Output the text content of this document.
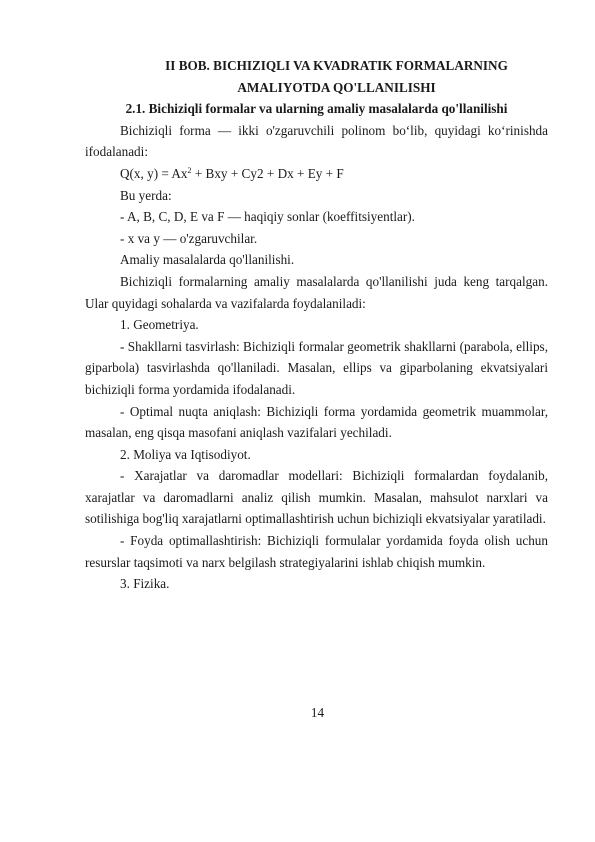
II BOB. BICHIZIQLI VA KVADRATIK FORMALARNING AMALIYOTDA QO'LLANILISHI
2.1. Bichiziqli formalar va ularning amaliy masalalarda qo'llanilishi

Bichiziqli forma — ikki o'zgaruvchili polinom bo‘lib, quyidagi ko‘rinishda ifodalanadi:

Q(x, $y) = Ax^2$ + Bxy + Cy2 + Dx + Ey + F

Bu yerda:

- A, B, C, D, E va F — haqiqiy sonlar (koeffitsiyentlar).

- x va y — o'zgaruvchilar.

Amaliy masalalarda qo'llanilishi.

Bichiziqli formalarning amaliy masalalarda qo'llanilishi juda keng tarqalgan. Ular quyidagi sohalarda va vazifalarda foydalaniladi:

1. Geometriya.

- Shakllarni tasvirlash: Bichiziqli formalar geometrik shakllarni (parabola, ellips, giparbola) tasvirlashda qo'llaniladi. Masalan, ellips va giparbolaning ekvatsiyalari bichiziqli forma yordamida ifodalanadi.

- Optimal nuqta aniqlash: Bichiziqli forma yordamida geometrik muammolar, masalan, eng qisqa masofani aniqlash vazifalari yechiladi.

2. Moliya va Iqtisodiyot.

- Xarajatlar va daromadlar modellari: Bichiziqli formalardan foydalanib, xarajatlar va daromadlarni analiz qilish mumkin. Masalan, mahsulot narxlari va sotilishiga bog'liq xarajatlarni optimallashtirish uchun bichiziqli ekvatsiyalar yaratiladi.

- Foyda optimallashtirish: Bichiziqli formulalar yordamida foyda olish uchun resurslar taqsimoti va narx belgilash strategiyalarini ishlab chiqish mumkin.

3. Fizika.

14
